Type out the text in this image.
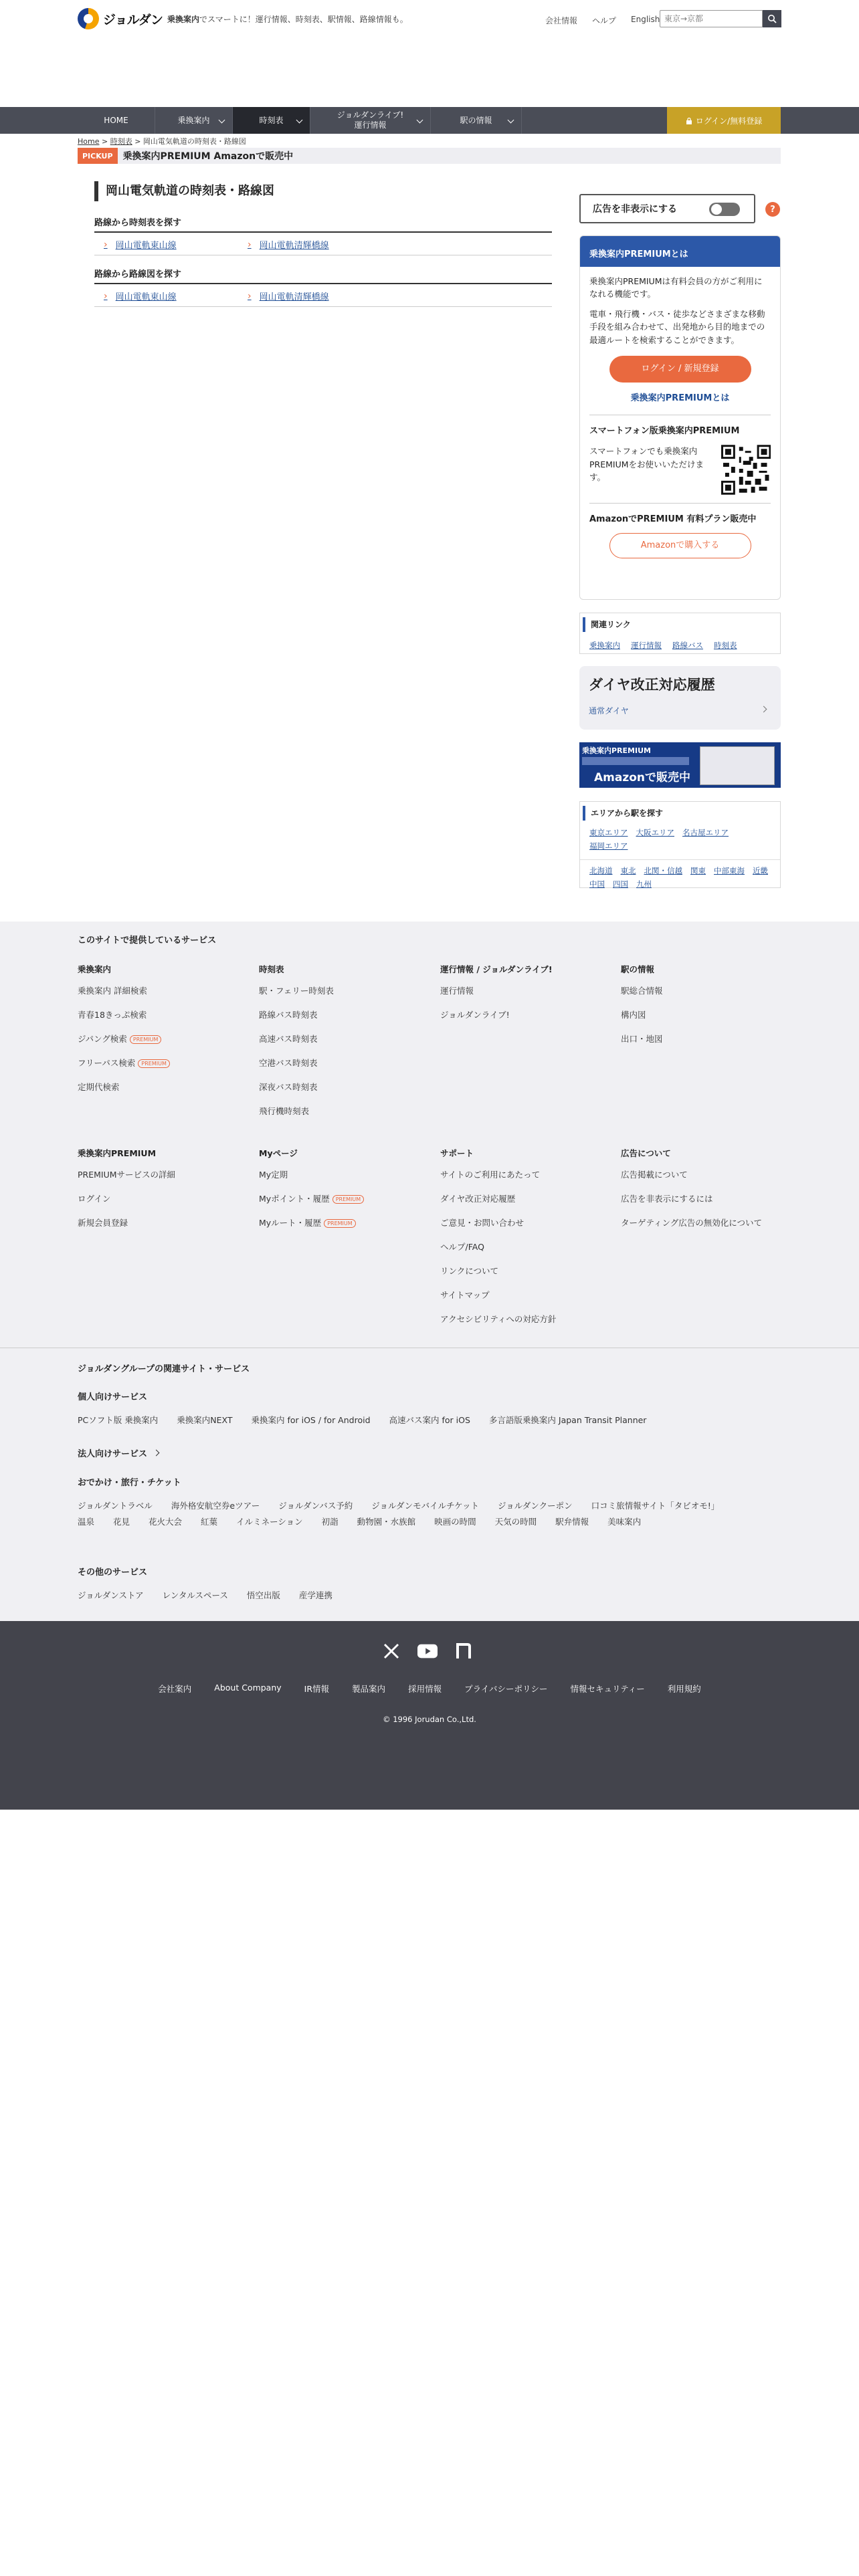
ジョルダン 乗換案内でスマートに！運行情報、時刻表、駅情報、路線情報も。	会社情報 ヘルプ English
東京→京都
HOME	乗換案内	時刻表
ジョルダンライブ!
運行情報
駅の情報	ログイン/無料登録
Home > 時刻表 > 岡山電気軌道の時刻表・路線図
PICKUP	乗換案内PREMIUM Amazonで販売中
岡山電気軌道の時刻表・路線図
路線から時刻表を探す
› 岡山電軌東山線	› 岡山電軌清輝橋線
路線から路線図を探す
› 岡山電軌東山線	› 岡山電軌清輝橋線
広告を非表示にする	?
乗換案内PREMIUMとは

乗換案内PREMIUMは有料会員の方がご利用になれる機能です。

電車・飛行機・バス・徒歩などさまざまな移動手段を組み合わせて、出発地から目的地までの最適ルートを検索することができます。

ログイン / 新規登録
乗換案内PREMIUMとは
スマートフォン版乗換案内PREMIUM

スマートフォンでも乗換案内PREMIUMをお使いいただけます。

AmazonでPREMIUM 有料プラン販売中
Amazonで購入する
関連リンク
乗換案内 運行情報 路線バス 時刻表
ダイヤ改正対応履歴
通常ダイヤ
乗換案内PREMIUM
Amazonで販売中
エリアから駅を探す
東京エリア 大阪エリア 名古屋エリア
福岡エリア
北海道 東北 北関・信越 関東 中部東海 近畿
中国 四国 九州
このサイトで提供しているサービス
乗換案内
乗換案内 詳細検索
青春18きっぷ検索
ジパング検索 PREMIUM
フリーパス検索 PREMIUM
定期代検索
時刻表
駅・フェリー時刻表
路線バス時刻表
高速バス時刻表
空港バス時刻表
深夜バス時刻表
飛行機時刻表
運行情報 / ジョルダンライブ!
運行情報
ジョルダンライブ!
駅の情報
駅総合情報
構内図
出口・地図
乗換案内PREMIUM
PREMIUMサービスの詳細
ログイン
新規会員登録
Myページ
My定期
Myポイント・履歴 PREMIUM
Myルート・履歴 PREMIUM
サポート
サイトのご利用にあたって
ダイヤ改正対応履歴
ご意見・お問い合わせ
ヘルプ/FAQ
リンクについて
サイトマップ
アクセシビリティへの対応方針
広告について
広告掲載について
広告を非表示にするには
ターゲティング広告の無効化について
ジョルダングループの関連サイト・サービス
個人向けサービス
PCソフト版 乗換案内 乗換案内NEXT 乗換案内 for iOS / for Android 高速バス案内 for iOS 多言語版乗換案内 Japan Transit Planner
法人向けサービス
おでかけ・旅行・チケット
ジョルダントラベル 海外格安航空券eツアー ジョルダンバス予約 ジョルダンモバイルチケット ジョルダンクーポン 口コミ旅情報サイト「タビオモ!」
温泉 花見 花火大会 紅葉 イルミネーション 初詣 動物園・水族館 映画の時間 天気の時間 駅弁情報 美味案内
その他のサービス
ジョルダンストア レンタルスペース 悟空出版 産学連携
会社案内	About Company	IR情報	製品案内	採用情報	プライバシーポリシー	情報セキュリティー	利用規約
© 1996 Jorudan Co.,Ltd.
